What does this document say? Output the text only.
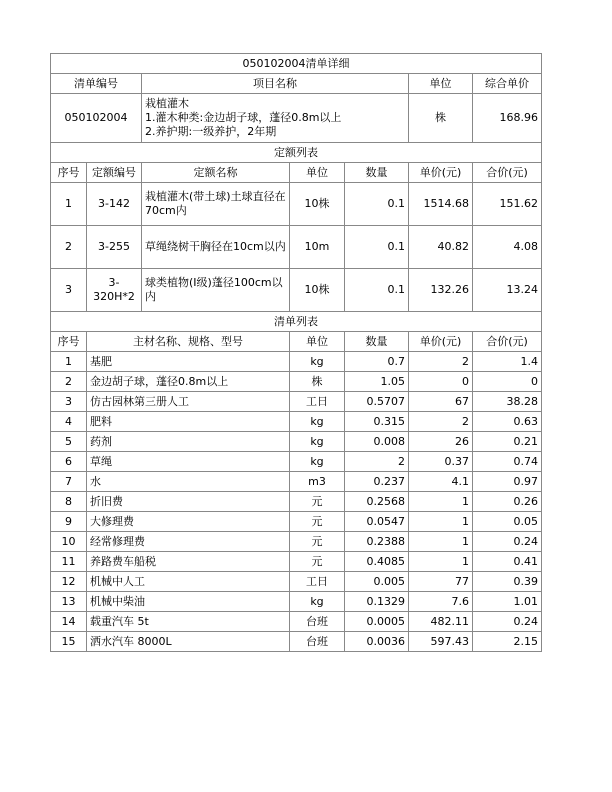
050102004清单详细						
清单编号		项目名称			单位	综合单价
050102004		栽植灌木
1.灌木种类:金边胡子球，蓬径0.8m以上
2.养护期:一级养护，2年期			株	168.96
定额列表						
序号	定额编号	定额名称	单位	数量	单价(元)	合价(元)
1	3-142	栽植灌木(带土球)土球直径在70cm内	10株	0.1	1514.68	151.62
2	3-255	草绳绕树干胸径在10cm以内	10m	0.1	40.82	4.08
3	3-320H*2	球类植物(Ⅰ级)蓬径100cm以内	10株	0.1	132.26	13.24
清单列表						
序号	主材名称、规格、型号		单位	数量	单价(元)	合价(元)
1	基肥		kg	0.7	2	1.4
2	金边胡子球，蓬径0.8m以上		株	1.05	0	0
3	仿古园林第三册人工		工日	0.5707	67	38.28
4	肥料		kg	0.315	2	0.63
5	药剂		kg	0.008	26	0.21
6	草绳		kg	2	0.37	0.74
7	水		m3	0.237	4.1	0.97
8	折旧费		元	0.2568	1	0.26
9	大修理费		元	0.0547	1	0.05
10	经常修理费		元	0.2388	1	0.24
11	养路费车船税		元	0.4085	1	0.41
12	机械中人工		工日	0.005	77	0.39
13	机械中柴油		kg	0.1329	7.6	1.01
14	载重汽车 5t		台班	0.0005	482.11	0.24
15	洒水汽车 8000L		台班	0.0036	597.43	2.15
